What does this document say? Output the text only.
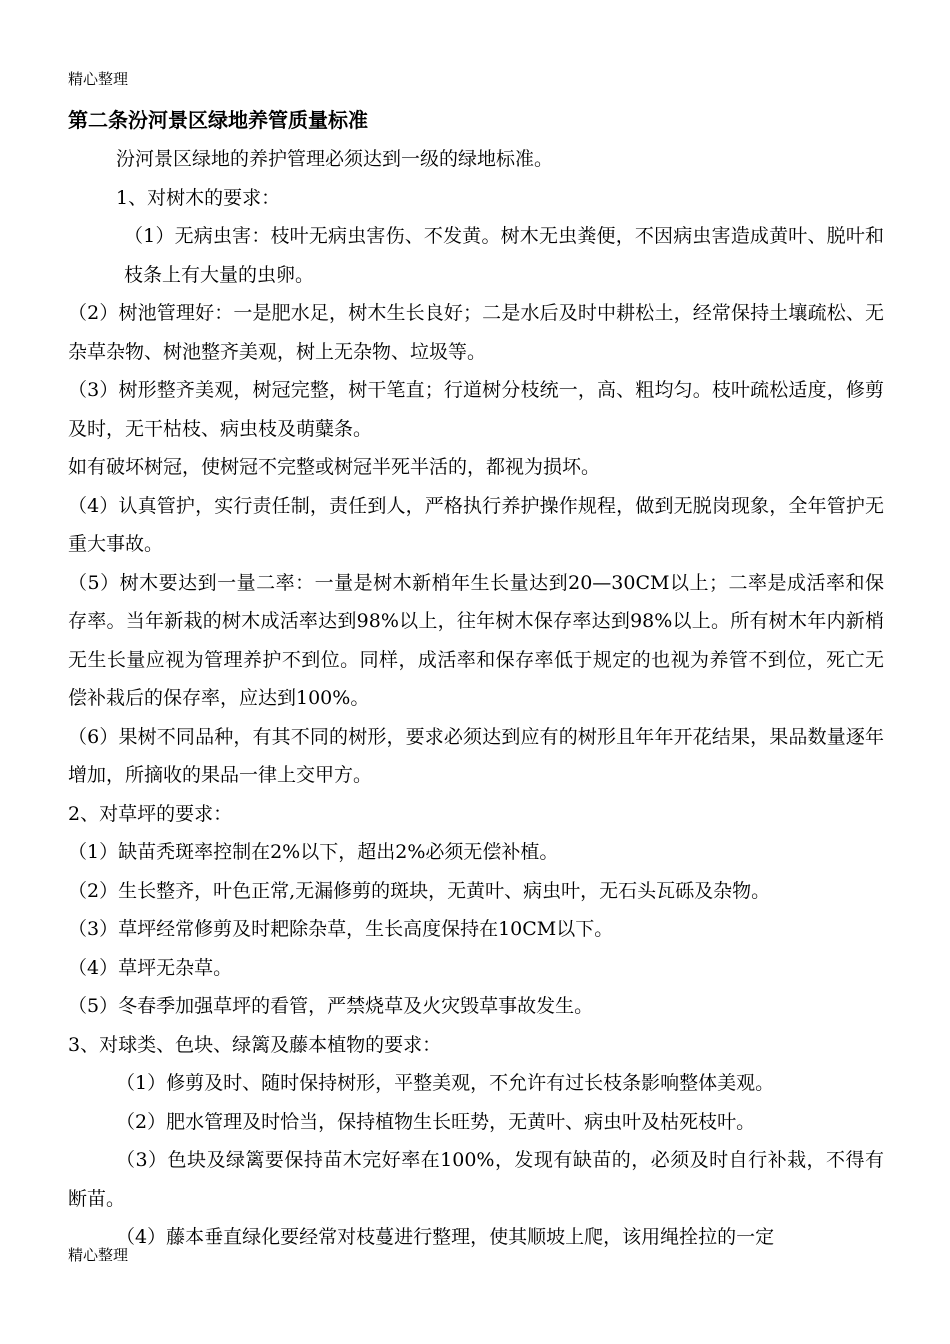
精心整理
第二条汾河景区绿地养管质量标准

汾河景区绿地的养护管理必须达到一级的绿地标准。

1、对树木的要求：

（1）无病虫害：枝叶无病虫害伤、不发黄。树木无虫粪便，不因病虫害造成黄叶、脱叶和枝条上有大量的虫卵。

（2）树池管理好：一是肥水足，树木生长良好；二是水后及时中耕松土，经常保持土壤疏松、无杂草杂物、树池整齐美观，树上无杂物、垃圾等。

（3）树形整齐美观，树冠完整，树干笔直；行道树分枝统一，高、粗均匀。枝叶疏松适度，修剪及时，无干枯枝、病虫枝及萌糵条。

如有破坏树冠，使树冠不完整或树冠半死半活的，都视为损坏。

（4）认真管护，实行责任制，责任到人，严格执行养护操作规程，做到无脱岗现象，全年管护无重大事故。

（5）树木要达到一量二率：一量是树木新梢年生长量达到20—30CM以上；二率是成活率和保存率。当年新栽的树木成活率达到98%以上，往年树木保存率达到98%以上。所有树木年内新梢无生长量应视为管理养护不到位。同样，成活率和保存率低于规定的也视为养管不到位，死亡无偿补栽后的保存率，应达到100%。

（6）果树不同品种，有其不同的树形，要求必须达到应有的树形且年年开花结果，果品数量逐年增加，所摘收的果品一律上交甲方。

2、对草坪的要求：

（1）缺苗秃斑率控制在2%以下，超出2%必须无偿补植。

（2）生长整齐，叶色正常,无漏修剪的斑块，无黄叶、病虫叶，无石头瓦砾及杂物。

（3）草坪经常修剪及时耙除杂草，生长高度保持在10CM以下。

（4）草坪无杂草。

（5）冬春季加强草坪的看管，严禁烧草及火灾毁草事故发生。

3、对球类、色块、绿篱及藤本植物的要求：

（1）修剪及时、随时保持树形，平整美观，不允许有过长枝条影响整体美观。

（2）肥水管理及时恰当，保持植物生长旺势，无黄叶、病虫叶及枯死枝叶。

（3）色块及绿篱要保持苗木完好率在100%，发现有缺苗的，必须及时自行补栽，不得有断苗。

（4）藤本垂直绿化要经常对枝蔓进行整理，使其顺坡上爬，该用绳拴拉的一定

精心整理
